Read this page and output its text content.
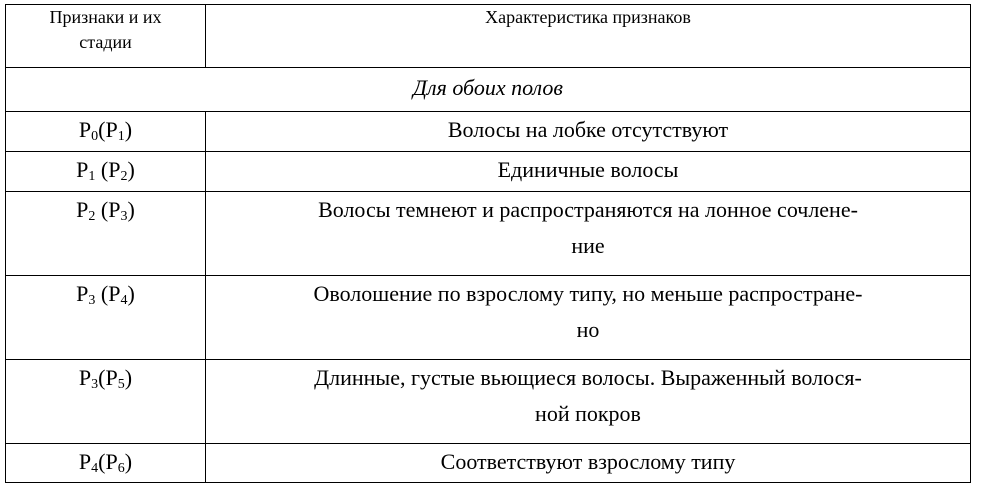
Признаки и их
стадии	Характеристика признаков

Для обоих полов	
$P_0(P_1)$	Волосы на лобке отсутствуют

$P_1$ $(P_2)$	Единичные волосы

$P_2$ $(P_3)$	Волосы темнеют и распространяются на лонное сочлене-
ние

$P_3$ $(P_4)$	Оволошение по взрослому типу, но меньше распростране-
но

$P_3(P_5)$	Длинные, густые вьющиеся волосы. Выраженный волося-
ной покров

$P_4(P_6)$	Соответствуют взрослому типу
